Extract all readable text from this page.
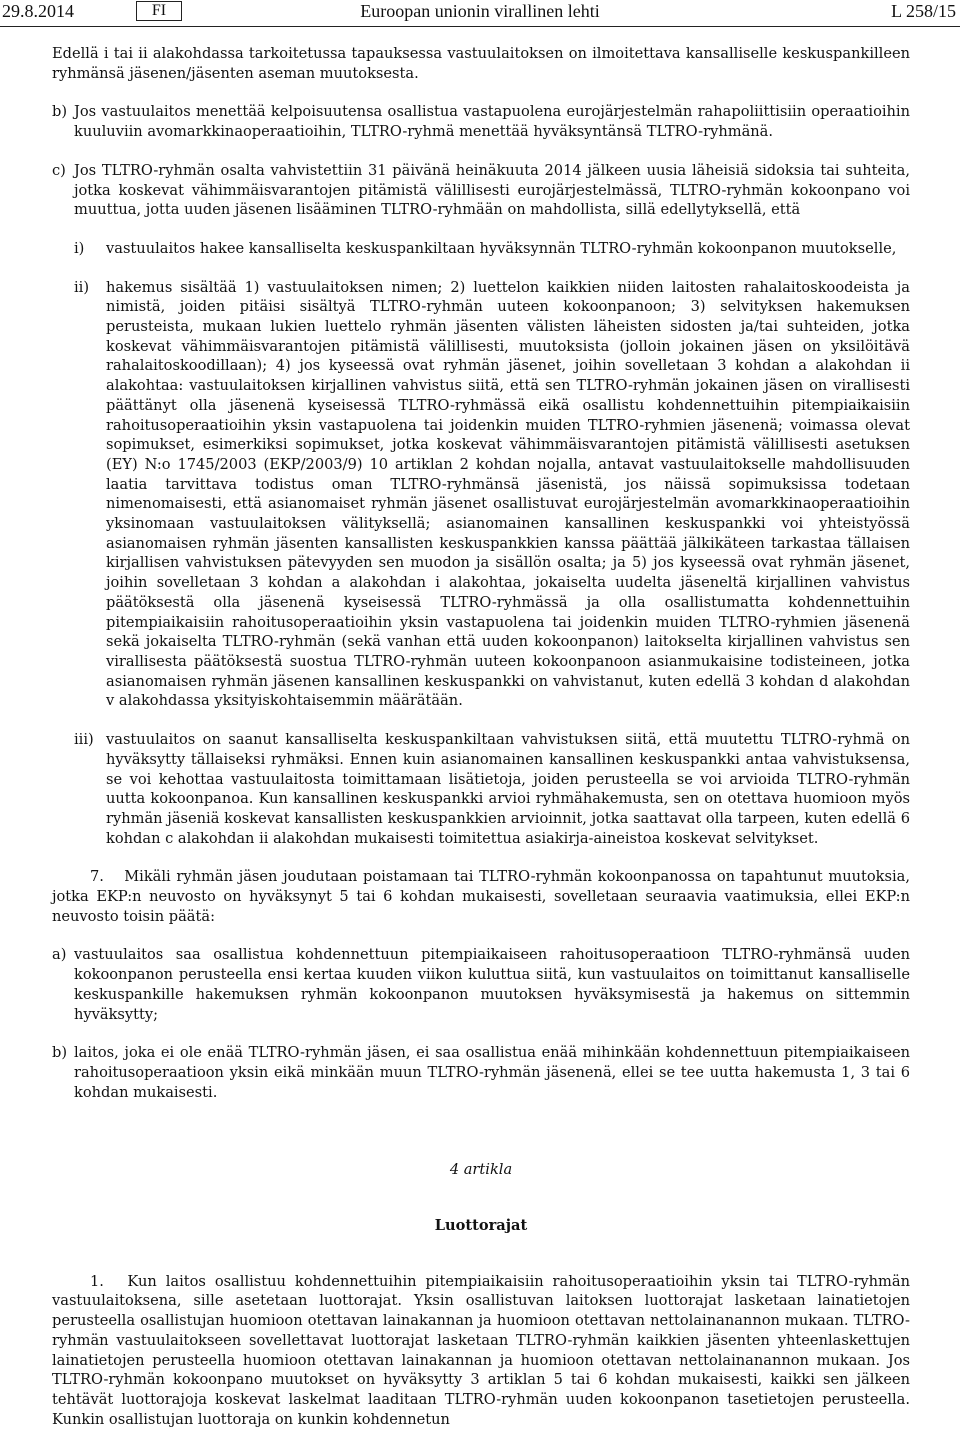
29.8.2014	FI	Euroopan unionin virallinen lehti	L 258/15

Edellä i tai ii alakohdassa tarkoitetussa tapauksessa vastuulaitoksen on ilmoitettava kansalliselle keskuspankilleen ryhmänsä jäsenen/jäsenten aseman muutoksesta.

b) Jos vastuulaitos menettää kelpoisuutensa osallistua vastapuolena eurojärjestelmän rahapoliittisiin operaatioihin kuuluviin avomarkkinaoperaatioihin, TLTRO-ryhmä menettää hyväksyntänsä TLTRO-ryhmänä.

c) Jos TLTRO-ryhmän osalta vahvistettiin 31 päivänä heinäkuuta 2014 jälkeen uusia läheisiä sidoksia tai suhteita, jotka koskevat vähimmäisvarantojen pitämistä välillisesti eurojärjestelmässä, TLTRO-ryhmän kokoonpano voi muuttua, jotta uuden jäsenen lisääminen TLTRO-ryhmään on mahdollista, sillä edellytyksellä, että

i) vastuulaitos hakee kansalliselta keskuspankiltaan hyväksynnän TLTRO-ryhmän kokoonpanon muutokselle,

ii) hakemus sisältää 1) vastuulaitoksen nimen; 2) luettelon kaikkien niiden laitosten rahalaitoskoodeista ja nimistä, joiden pitäisi sisältyä TLTRO-ryhmän uuteen kokoonpanoon; 3) selvityksen hakemuksen perusteista, mukaan lukien luettelo ryhmän jäsenten välisten läheisten sidosten ja/tai suhteiden, jotka koskevat vähimmäisvarantojen pitämistä välillisesti, muutoksista (jolloin jokainen jäsen on yksilöitävä rahalaitoskoodillaan); 4) jos kyseessä ovat ryhmän jäsenet, joihin sovelletaan 3 kohdan a alakohdan ii alakohtaa: vastuulaitoksen kirjallinen vahvistus siitä, että sen TLTRO-ryhmän jokainen jäsen on virallisesti päättänyt olla jäsenenä kyseisessä TLTRO-ryhmässä eikä osallistu kohdennettuihin pitempiaikaisiin rahoitusoperaatioihin yksin vastapuolena tai joidenkin muiden TLTRO-ryhmien jäsenenä; voimassa olevat sopimukset, esimerkiksi sopimukset, jotka koskevat vähimmäisvarantojen pitämistä välillisesti asetuksen (EY) N:o 1745/2003 (EKP/2003/9) 10 artiklan 2 kohdan nojalla, antavat vastuulaitokselle mahdollisuuden laatia tarvittava todistus oman TLTRO-ryhmänsä jäsenistä, jos näissä sopimuksissa todetaan nimenomaisesti, että asianomaiset ryhmän jäsenet osallistuvat eurojärjestelmän avomarkkinaoperaatioihin yksinomaan vastuulaitoksen välityksellä; asianomainen kansallinen keskuspankki voi yhteistyössä asianomaisen ryhmän jäsenten kansallisten keskuspankkien kanssa päättää jälkikäteen tarkastaa tällaisen kirjallisen vahvistuksen pätevyyden sen muodon ja sisällön osalta; ja 5) jos kyseessä ovat ryhmän jäsenet, joihin sovelletaan 3 kohdan a alakohdan i alakohtaa, jokaiselta uudelta jäseneltä kirjallinen vahvistus päätöksestä olla jäsenenä kyseisessä TLTRO-ryhmässä ja olla osallistumatta kohdennettuihin pitempiaikaisiin rahoitusoperaatioihin yksin vastapuolena tai joidenkin muiden TLTRO-ryhmien jäsenenä sekä jokaiselta TLTRO-ryhmän (sekä vanhan että uuden kokoonpanon) laitokselta kirjallinen vahvistus sen virallisesta päätöksestä suostua TLTRO-ryhmän uuteen kokoonpanoon asianmukaisine todisteineen, jotka asianomaisen ryhmän jäsenen kansallinen keskuspankki on vahvistanut, kuten edellä 3 kohdan d alakohdan v alakohdassa yksityiskohtaisemmin määrätään.

iii) vastuulaitos on saanut kansalliselta keskuspankiltaan vahvistuksen siitä, että muutettu TLTRO-ryhmä on hyväksytty tällaiseksi ryhmäksi. Ennen kuin asianomainen kansallinen keskuspankki antaa vahvistuksensa, se voi kehottaa vastuulaitosta toimittamaan lisätietoja, joiden perusteella se voi arvioida TLTRO-ryhmän uutta kokoonpanoa. Kun kansallinen keskuspankki arvioi ryhmähakemusta, sen on otettava huomioon myös ryhmän jäseniä koskevat kansallisten keskuspankkien arvioinnit, jotka saattavat olla tarpeen, kuten edellä 6 kohdan c alakohdan ii alakohdan mukaisesti toimitettua asiakirja-aineistoa koskevat selvitykset.

7.  Mikäli ryhmän jäsen joudutaan poistamaan tai TLTRO-ryhmän kokoonpanossa on tapahtunut muutoksia, jotka EKP:n neuvosto on hyväksynyt 5 tai 6 kohdan mukaisesti, sovelletaan seuraavia vaatimuksia, ellei EKP:n neuvosto toisin päätä:

a) vastuulaitos saa osallistua kohdennettuun pitempiaikaiseen rahoitusoperaatioon TLTRO-ryhmänsä uuden kokoonpanon perusteella ensi kertaa kuuden viikon kuluttua siitä, kun vastuulaitos on toimittanut kansalliselle keskuspankille hakemuksen ryhmän kokoonpanon muutoksen hyväksymisestä ja hakemus on sittemmin hyväksytty;

b) laitos, joka ei ole enää TLTRO-ryhmän jäsen, ei saa osallistua enää mihinkään kohdennettuun pitempiaikaiseen rahoitusoperaatioon yksin eikä minkään muun TLTRO-ryhmän jäsenenä, ellei se tee uutta hakemusta 1, 3 tai 6 kohdan mukaisesti.

4 artikla

Luottorajat

1.  Kun laitos osallistuu kohdennettuihin pitempiaikaisiin rahoitusoperaatioihin yksin tai TLTRO-ryhmän vastuulaitoksena, sille asetetaan luottorajat. Yksin osallistuvan laitoksen luottorajat lasketaan lainatietojen perusteella osallistujan huomioon otettavan lainakannan ja huomioon otettavan nettolainanannon mukaan. TLTRO-ryhmän vastuulaitokseen sovellettavat luottorajat lasketaan TLTRO-ryhmän kaikkien jäsenten yhteenlaskettujen lainatietojen perusteella huomioon otettavan lainakannan ja huomioon otettavan nettolainanannon mukaan. Jos TLTRO-ryhmän kokoonpano muutokset on hyväksytty 3 artiklan 5 tai 6 kohdan mukaisesti, kaikki sen jälkeen tehtävät luottorajoja koskevat laskelmat laaditaan TLTRO-ryhmän uuden kokoonpanon tasetietojen perusteella. Kunkin osallistujan luottoraja on kunkin kohdennetun
